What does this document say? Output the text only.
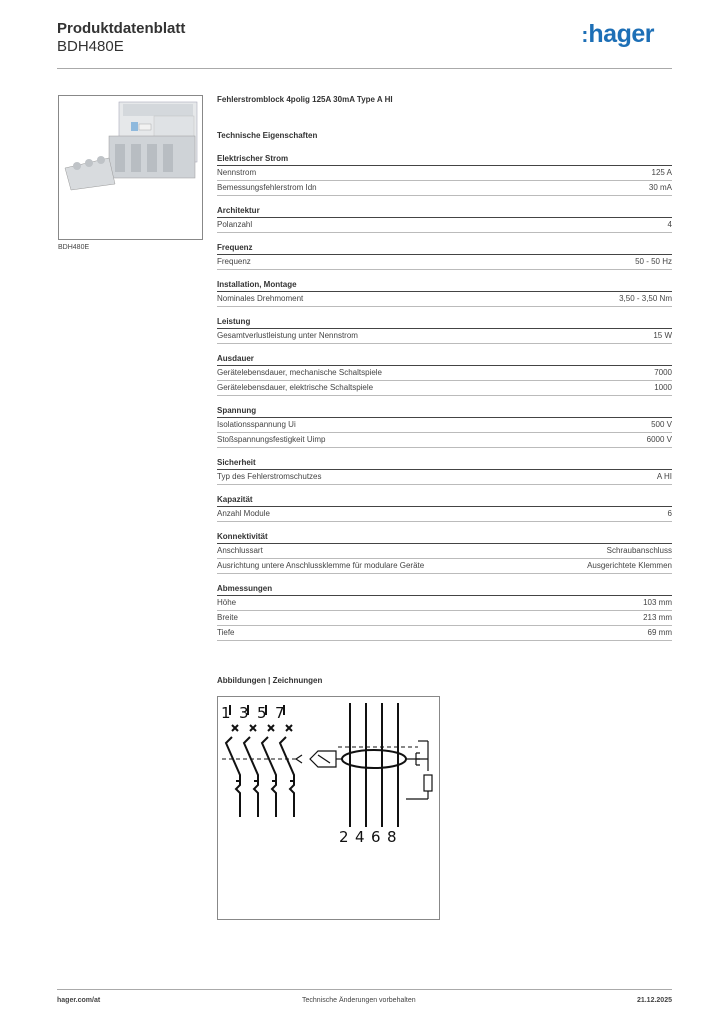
Produktdatenblatt

BDH480E	:hager
BDH480E
Fehlerstromblock 4polig 125A 30mA Type A HI
Technische Eigenschaften
Elektrischer Strom
Nennstrom	125 A
Bemessungsfehlerstrom Idn	30 mA
Architektur
Polanzahl	4
Frequenz
Frequenz	50 - 50 Hz
Installation, Montage
Nominales Drehmoment	3,50 - 3,50 Nm
Leistung
Gesamtverlustleistung unter Nennstrom	15 W
Ausdauer
Gerätelebensdauer, mechanische Schaltspiele	7000
Gerätelebensdauer, elektrische Schaltspiele	1000
Spannung
Isolationsspannung Ui	500 V
Stoßspannungsfestigkeit Uimp	6000 V
Sicherheit
Typ des Fehlerstromschutzes	A HI
Kapazität
Anzahl Module	6
Konnektivität
Anschlussart	Schraubanschluss
Ausrichtung untere Anschlussklemme für modulare Geräte	Ausgerichtete Klemmen
Abmessungen
Höhe	103 mm
Breite	213 mm
Tiefe	69 mm
Abbildungen | Zeichnungen
1 3 5 7
2 4 6 8
hager.com/at	Technische Änderungen vorbehalten	21.12.2025
